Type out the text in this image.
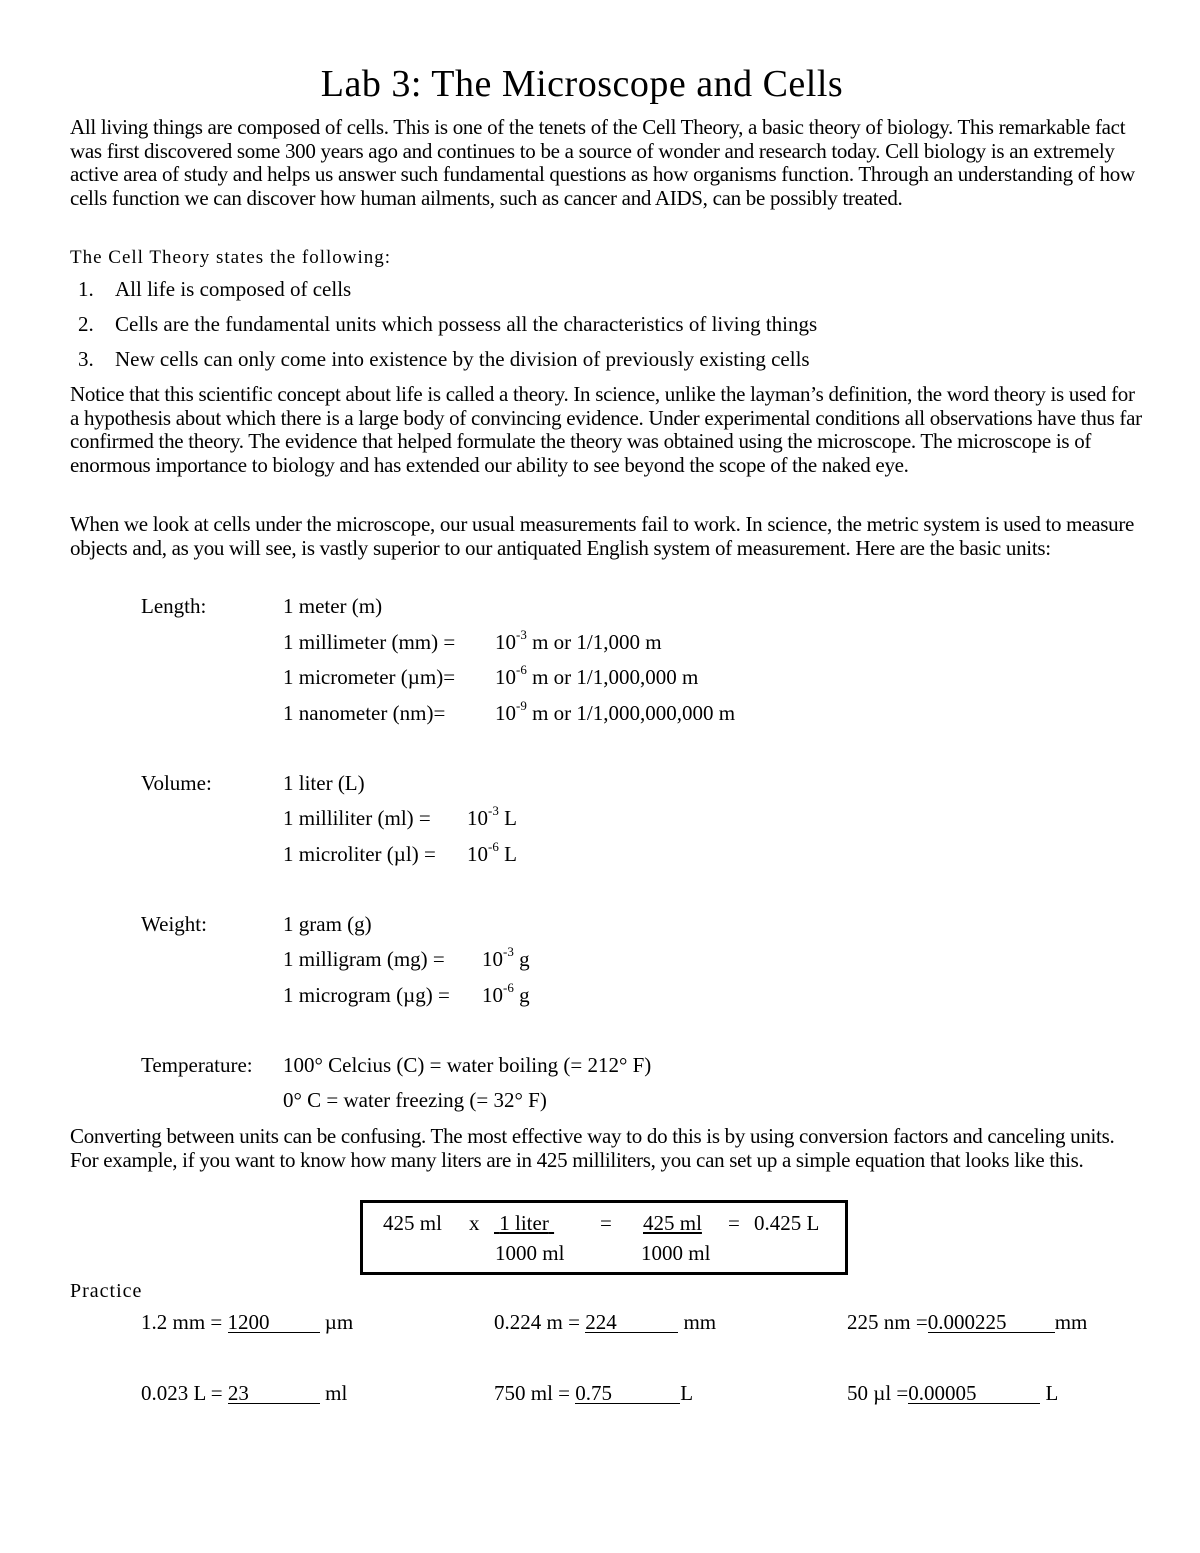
Lab 3: The Microscope and Cells

All living things are composed of cells. This is one of the tenets of the Cell Theory, a basic theory of biology. This remarkable fact was first discovered some 300 years ago and continues to be a source of wonder and research today. Cell biology is an extremely active area of study and helps us answer such fundamental questions as how organisms function. Through an understanding of how cells function we can discover how human ailments, such as cancer and AIDS, can be possibly treated.

The Cell Theory states the following:

1. All life is composed of cells
2. Cells are the fundamental units which possess all the characteristics of living things
3. New cells can only come into existence by the division of previously existing cells

Notice that this scientific concept about life is called a theory. In science, unlike the layman’s definition, the word theory is used for a hypothesis about which there is a large body of convincing evidence. Under experimental conditions all observations have thus far confirmed the theory. The evidence that helped formulate the theory was obtained using the microscope. The microscope is of enormous importance to biology and has extended our ability to see beyond the scope of the naked eye.

When we look at cells under the microscope, our usual measurements fail to work. In science, the metric system is used to measure objects and, as you will see, is vastly superior to our antiquated English system of measurement. Here are the basic units:

Length:	1 meter (m)
1 millimeter $(mm) = 10^{-3}$ m or 1/1,000 m
1 micrometer $(\mu m)= 10^{-6}$ m or 1/1,000,000 m
1 nanometer $(nm)= 10^{-9}$ m or 1/1,000,000,000 m
Volume:	1 liter (L)
1 milliliter $(ml) = 10^{-3}$ L
1 microliter $(\mu l) = 10^{-6}$ L
Weight:	1 gram (g)
1 milligram $(mg) = 10^{-3}$ g
1 microgram $(\mu g) = 10^{-6}$ g
Temperature: 100° Celcius (C) = water boiling (= 212° F)
0° C = water freezing (= 32° F)

Converting between units can be confusing. The most effective way to do this is by using conversion factors and canceling units. For example, if you want to know how many liters are in 425 milliliters, you can set up a simple equation that looks like this.

425 ml x 1 liter
1000 ml
= 425 ml
1000 ml
= 0.425 L
Practice
1.2 mm = 1200 µm	0.224 m = 224	mm	225 nm =0.000225 mm
0.023 L = 23	ml	750 ml = 0.75	L	50 µl =0.00005	L
